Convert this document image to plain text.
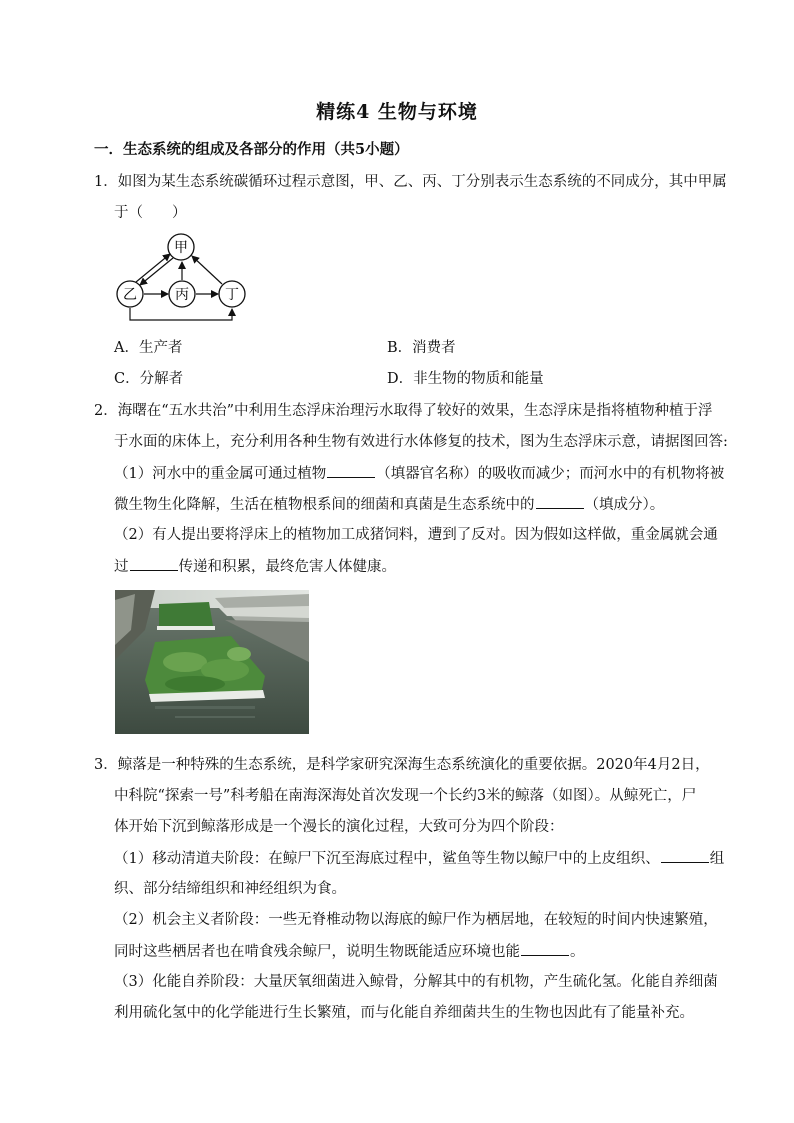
精练4 生物与环境
一．生态系统的组成及各部分的作用（共5小题）
1．如图为某生态系统碳循环过程示意图，甲、乙、丙、丁分别表示生态系统的不同成分，其中甲属
于（　　）
甲
乙	丙	丁
A．生产者	B．消费者
C．分解者	D．非生物的物质和能量
2．海曙在“五水共治”中利用生态浮床治理污水取得了较好的效果，生态浮床是指将植物种植于浮
于水面的床体上，充分利用各种生物有效进行水体修复的技术，图为生态浮床示意，请据图回答:
（1）河水中的重金属可通过植物	（填器官名称）的吸收而减少；而河水中的有机物将被
微生物生化降解，生活在植物根系间的细菌和真菌是生态系统中的	（填成分）。
（2）有人提出要将浮床上的植物加工成猪饲料，遭到了反对。因为假如这样做，重金属就会通
过	传递和积累，最终危害人体健康。
3．鲸落是一种特殊的生态系统，是科学家研究深海生态系统演化的重要依据。2020年4月2日，
中科院“探索一号”科考船在南海深海处首次发现一个长约3米的鲸落（如图）。从鲸死亡，尸
体开始下沉到鲸落形成是一个漫长的演化过程，大致可分为四个阶段：
（1）移动清道夫阶段：在鲸尸下沉至海底过程中，鲨鱼等生物以鲸尸中的上皮组织、	组
织、部分结缔组织和神经组织为食。
（2）机会主义者阶段：一些无脊椎动物以海底的鲸尸作为栖居地，在较短的时间内快速繁殖，
同时这些栖居者也在啃食残余鲸尸，说明生物既能适应环境也能	。
（3）化能自养阶段：大量厌氧细菌进入鲸骨，分解其中的有机物，产生硫化氢。化能自养细菌
利用硫化氢中的化学能进行生长繁殖，而与化能自养细菌共生的生物也因此有了能量补充。
